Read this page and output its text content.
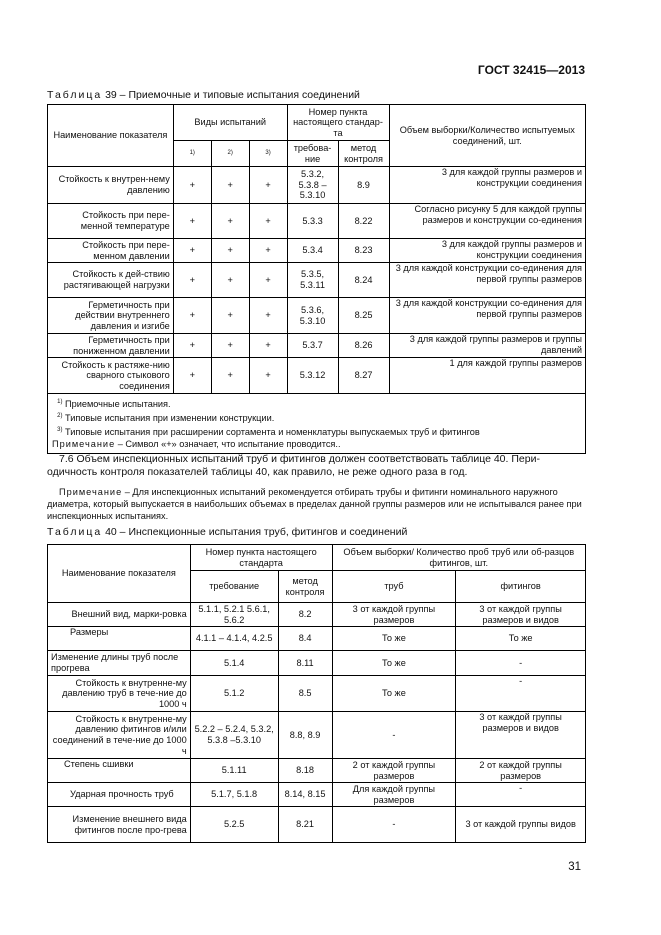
ГОСТ 32415—2013
Таблица 39 – Приемочные и типовые испытания соединений
Наименование показателя	Виды испытаний			Номер пункта настоящего стандар-та		Объем выборки/Количество испытуемых соединений, шт.
	1)	2)	3)	требова-ние	метод контроля	
Стойкость к внутрен-нему давлению	+	+	+	5.3.2, 5.3.8 – 5.3.10	8.9	3 для каждой группы размеров и конструкции соединения
Стойкость при пере-менной температуре	+	+	+	5.3.3	8.22	Согласно рисунку 5 для каждой группы размеров и конструкции со-единения
Стойкость при пере-менном давлении	+	+	+	5.3.4	8.23	3 для каждой группы размеров и конструкции соединения
Стойкость к дей-ствию растягивающей нагрузки	+	+	+	5.3.5, 5.3.11	8.24	3 для каждой конструкции со-единения для первой группы размеров
Герметичность при действии внутреннего давления и изгибе	+	+	+	5.3.6, 5.3.10	8.25	3 для каждой конструкции со-единения для первой группы размеров
Герметичность при пониженном давлении	+	+	+	5.3.7	8.26	3 для каждой группы размеров и группы давлений
Стойкость к растяже-нию сварного стыкового соединения	+	+	+	5.3.12	8.27	1 для каждой группы размеров

$^{1)}$ Приемочные испытания.
$^{2)}$ Типовые испытания при изменении конструкции.
$^{3)}$ Типовые испытания при расширении сортамента и номенклатуры выпускаемых труб и фитингов
Примечание – Символ «+» означает, что испытание проводится..						
7.6 Объем инспекционных испытаний труб и фитингов должен соответствовать таблице 40. Пери-одичность контроля показателей таблицы 40, как правило, не реже одного раза в год.
Примечание – Для инспекционных испытаний рекомендуется отбирать трубы и фитинги номинального наружного диаметра, который выпускается в наибольших объемах в пределах данной группы размеров или не испытывался ранее при инспекционных испытаниях.
Таблица 40 – Инспекционные испытания труб, фитингов и соединений
Наименование показателя	Номер пункта настоящего стандарта		Объем выборки/ Количество проб труб или об-разцов фитингов, шт.	
	требование	метод контроля	труб	фитингов
Внешний вид, марки-ровка	5.1.1, 5.2.1 5.6.1, 5.6.2	8.2	3 от каждой группы размеров	3 от каждой группы размеров и видов
Размеры	4.1.1 – 4.1.4, 4.2.5	8.4	То же	То же
Изменение длины труб после прогрева	5.1.4	8.11	То же	-
Стойкость к внутренне-му давлению труб в тече-ние до 1000 ч	5.1.2	8.5	То же	-
Стойкость к внутренне-му давлению фитингов и/или соединений в тече-ние до 1000 ч	5.2.2 – 5.2.4, 5.3.2, 5.3.8 –5.3.10	8.8, 8.9	-	3 от каждой группы размеров и видов
Степень сшивки	5.1.11	8.18	2 от каждой группы размеров	2 от каждой группы размеров
Ударная прочность труб	5.1.7, 5.1.8	8.14, 8.15	Для каждой группы размеров	-
Изменение внешнего вида фитингов после про-грева	5.2.5	8.21	-	3 от каждой группы видов
31
